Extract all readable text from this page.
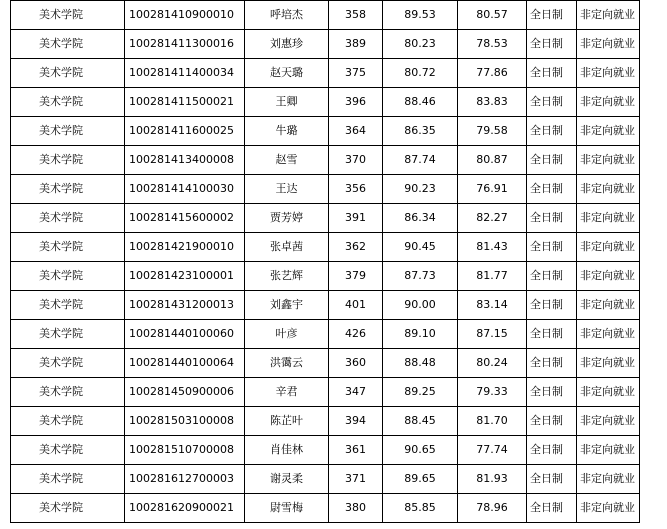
美术学院	100281410900010	呼培杰	358	89.53	80.57	全日制	非定向就业
美术学院	100281411300016	刘惠珍	389	80.23	78.53	全日制	非定向就业
美术学院	100281411400034	赵天璐	375	80.72	77.86	全日制	非定向就业
美术学院	100281411500021	王卿	396	88.46	83.83	全日制	非定向就业
美术学院	100281411600025	牛璐	364	86.35	79.58	全日制	非定向就业
美术学院	100281413400008	赵雪	370	87.74	80.87	全日制	非定向就业
美术学院	100281414100030	王达	356	90.23	76.91	全日制	非定向就业
美术学院	100281415600002	贾芳婷	391	86.34	82.27	全日制	非定向就业
美术学院	100281421900010	张卓茜	362	90.45	81.43	全日制	非定向就业
美术学院	100281423100001	张艺辉	379	87.73	81.77	全日制	非定向就业
美术学院	100281431200013	刘鑫宇	401	90.00	83.14	全日制	非定向就业
美术学院	100281440100060	叶彦	426	89.10	87.15	全日制	非定向就业
美术学院	100281440100064	洪霭云	360	88.48	80.24	全日制	非定向就业
美术学院	100281450900006	辛君	347	89.25	79.33	全日制	非定向就业
美术学院	100281503100008	陈芷叶	394	88.45	81.70	全日制	非定向就业
美术学院	100281510700008	肖佳林	361	90.65	77.74	全日制	非定向就业
美术学院	100281612700003	谢灵柔	371	89.65	81.93	全日制	非定向就业
美术学院	100281620900021	尉雪梅	380	85.85	78.96	全日制	非定向就业
